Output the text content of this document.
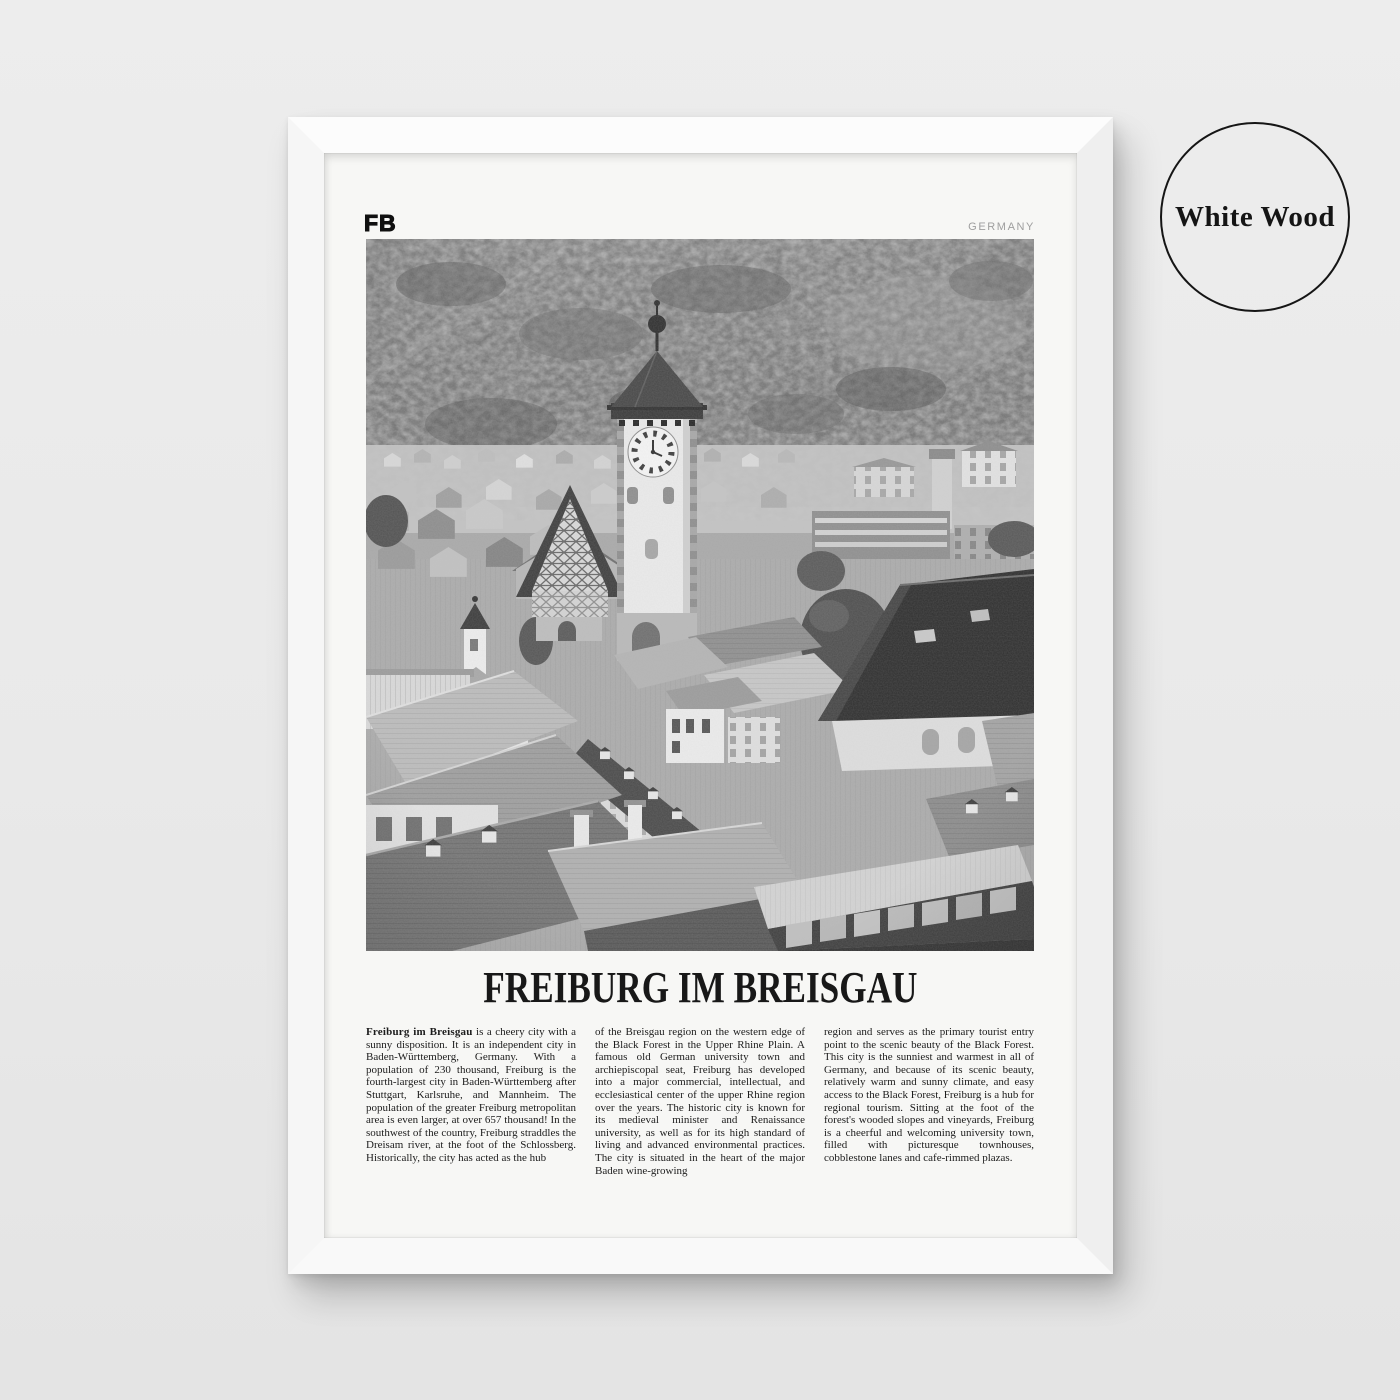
FB	GERMANY
FREIBURG IM BREISGAU
Freiburg im Breisgau is a cheery city with a sunny disposition. It is an independent city in Baden-Württemberg, Germany. With a population of 230 thousand, Freiburg is the fourth-largest city in Baden-Württemberg after Stuttgart, Karlsruhe, and Mannheim. The population of the greater Freiburg metropolitan area is even larger, at over 657 thousand! In the southwest of the country, Freiburg straddles the Dreisam river, at the foot of the Schlossberg. Historically, the city has acted as the hub
of the Breisgau region on the western edge of the Black Forest in the Upper Rhine Plain. A famous old German university town and archiepiscopal seat, Freiburg has developed into a major commercial, intellectual, and ecclesiastical center of the upper Rhine region over the years. The historic city is known for its medieval minister and Renaissance university, as well as for its high standard of living and advanced environmental practices. The city is situated in the heart of the major Baden wine-growing
region and serves as the primary tourist entry point to the scenic beauty of the Black Forest. This city is the sunniest and warmest in all of Germany, and because of its scenic beauty, relatively warm and sunny climate, and easy access to the Black Forest, Freiburg is a hub for regional tourism. Sitting at the foot of the forest's wooded slopes and vineyards, Freiburg is a cheerful and welcoming university town, filled with picturesque townhouses, cobblestone lanes and cafe-rimmed plazas.
White Wood
